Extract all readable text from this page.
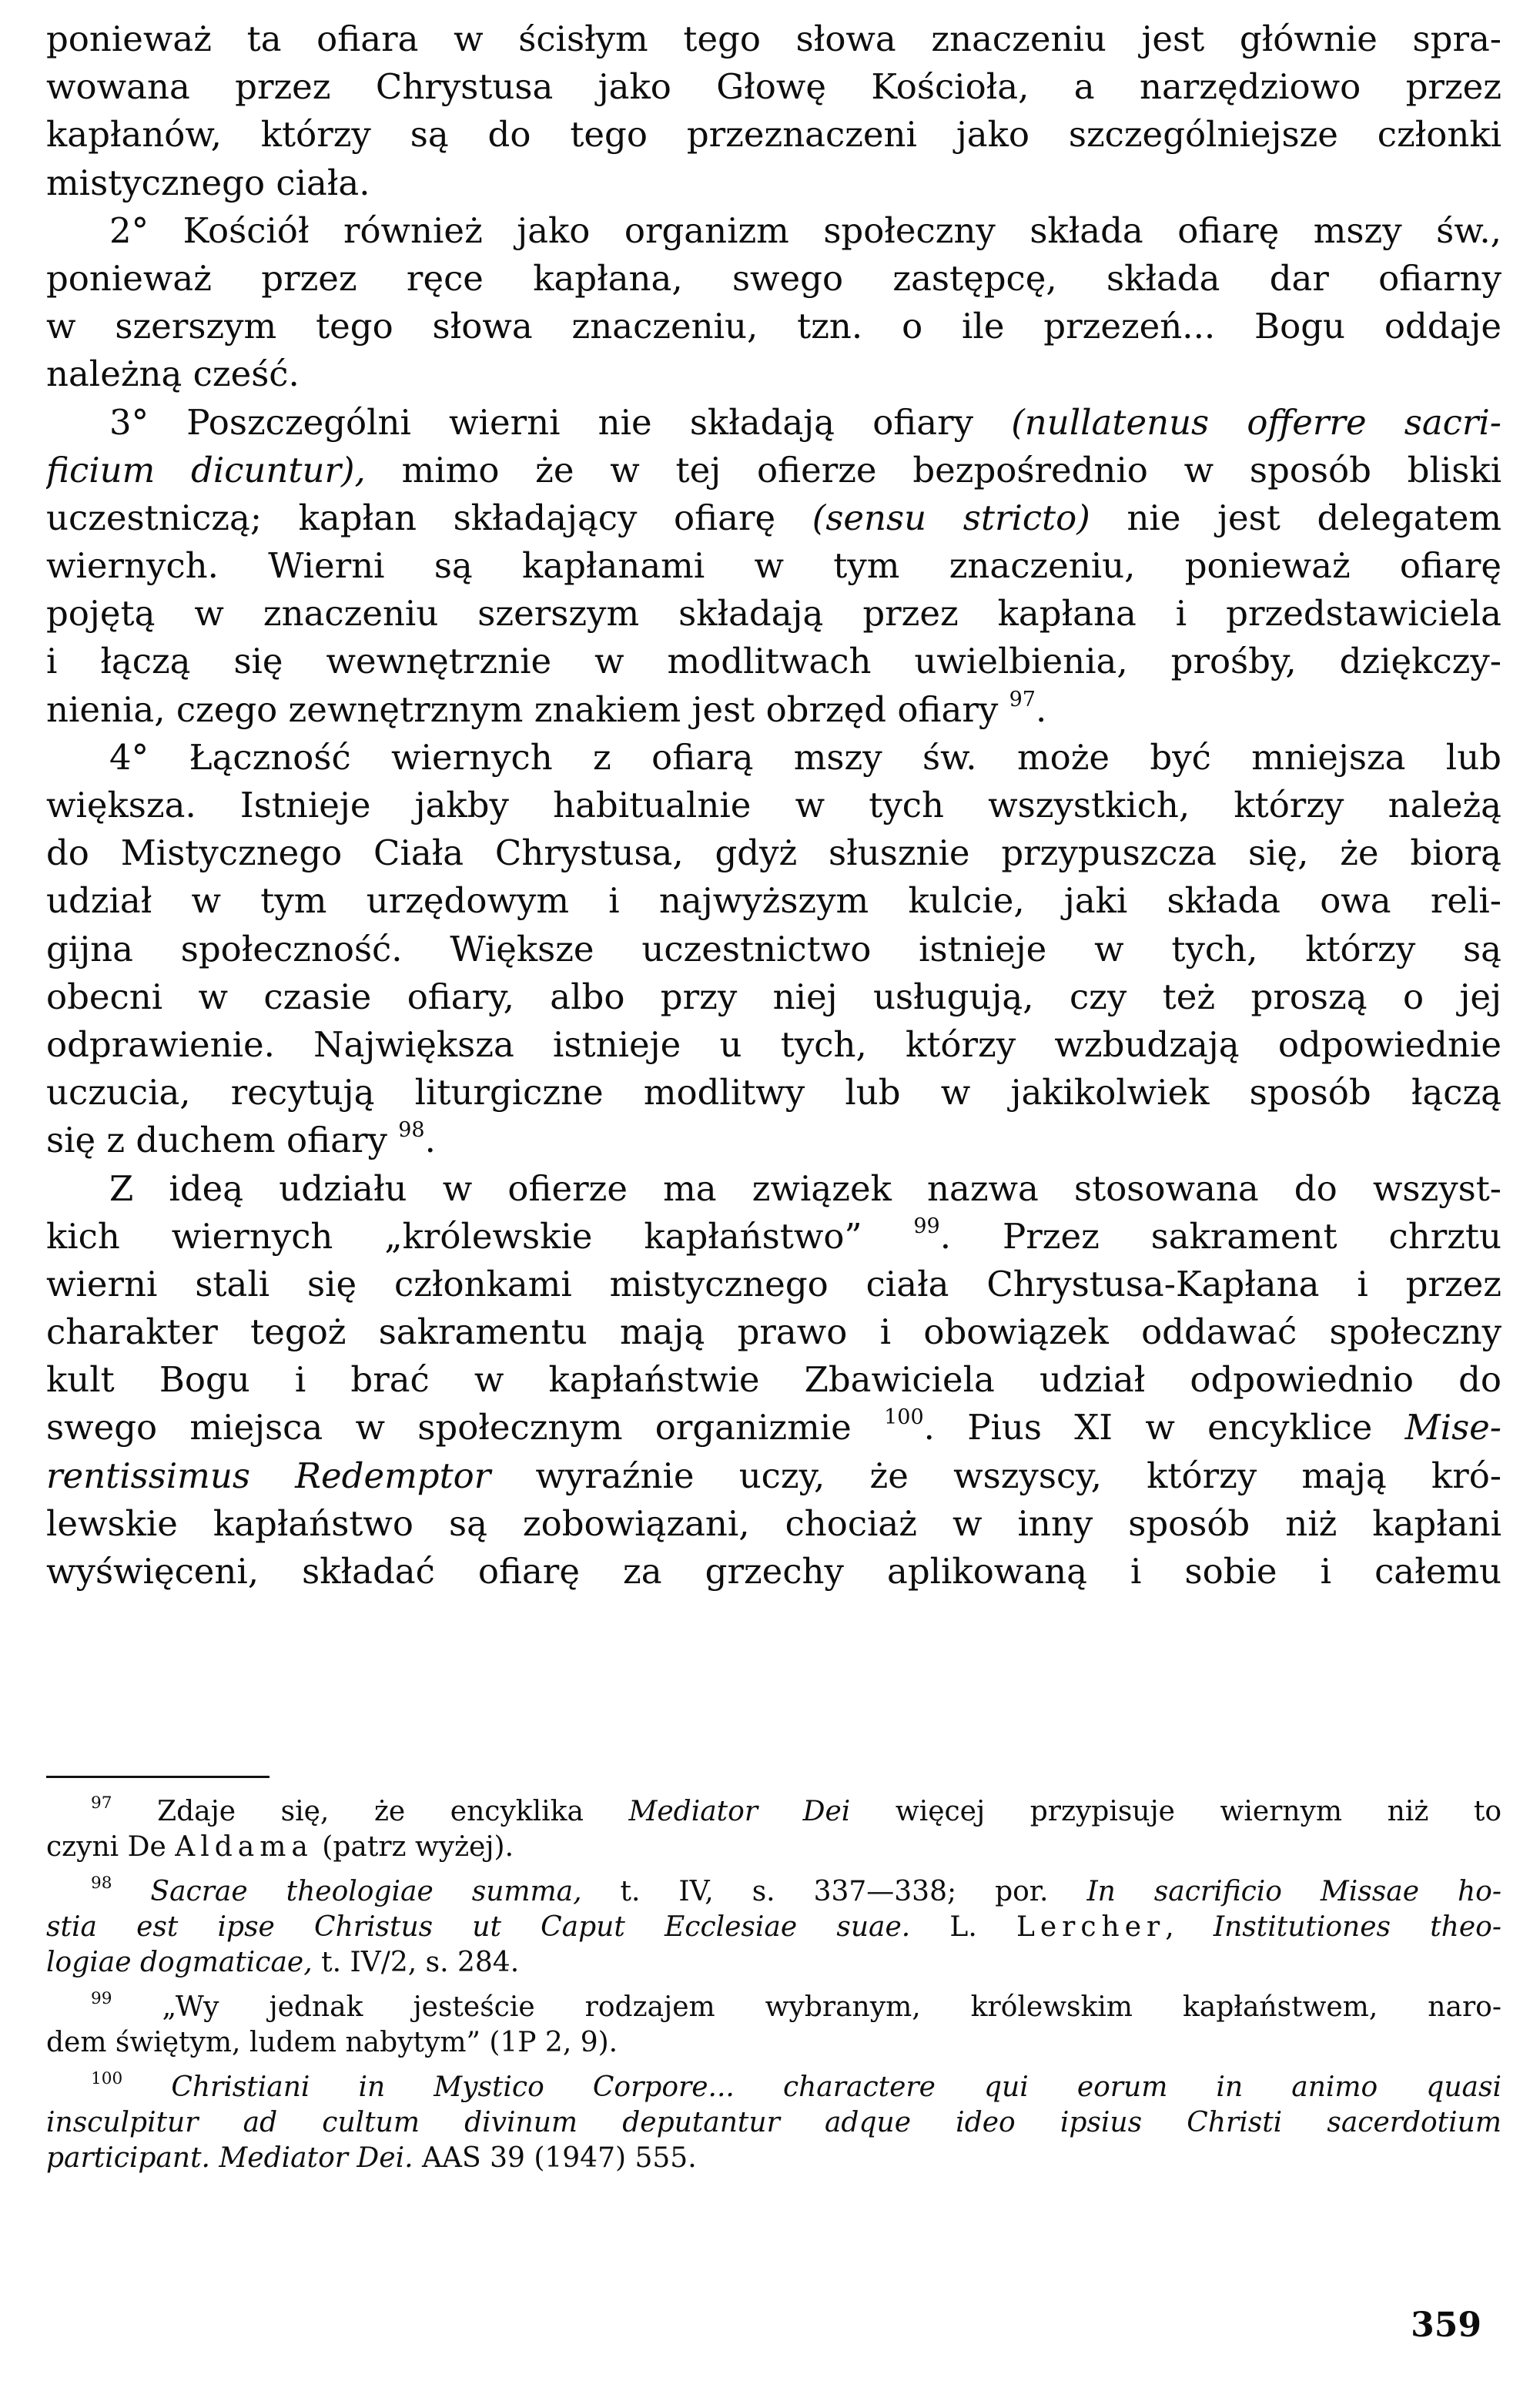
ponieważ ta ofiara w ścisłym tego słowa znaczeniu jest głównie spra-
wowana przez Chrystusa jako Głowę Kościoła, a narzędziowo przez
kapłanów, którzy są do tego przeznaczeni jako szczególniejsze członki
mistycznego ciała.
2° Kościół również jako organizm społeczny składa ofiarę mszy św.,
ponieważ przez ręce kapłana, swego zastępcę, składa dar ofiarny
w szerszym tego słowa znaczeniu, tzn. o ile przezeń... Bogu oddaje
należną cześć.
3° Poszczególni wierni nie składają ofiary (nullatenus offerre sacri-
ficium dicuntur), mimo że w tej ofierze bezpośrednio w sposób bliski
uczestniczą; kapłan składający ofiarę (sensu stricto) nie jest delegatem
wiernych. Wierni są kapłanami w tym znaczeniu, ponieważ ofiarę
pojętą w znaczeniu szerszym składają przez kapłana i przedstawiciela
i łączą się wewnętrznie w modlitwach uwielbienia, prośby, dziękczy-
nienia, czego zewnętrznym znakiem jest obrzęd ofiary $^{97}$.
4° Łączność wiernych z ofiarą mszy św. może być mniejsza lub
większa. Istnieje jakby habitualnie w tych wszystkich, którzy należą
do Mistycznego Ciała Chrystusa, gdyż słusznie przypuszcza się, że biorą
udział w tym urzędowym i najwyższym kulcie, jaki składa owa reli-
gijna społeczność. Większe uczestnictwo istnieje w tych, którzy są
obecni w czasie ofiary, albo przy niej usługują, czy też proszą o jej
odprawienie. Największa istnieje u tych, którzy wzbudzają odpowiednie
uczucia, recytują liturgiczne modlitwy lub w jakikolwiek sposób łączą
się z duchem ofiary $^{98}$.
Z ideą udziału w ofierze ma związek nazwa stosowana do wszyst-
kich wiernych „królewskie kapłaństwo” $^{99}$. Przez sakrament chrztu
wierni stali się członkami mistycznego ciała Chrystusa-Kapłana i przez
charakter tegoż sakramentu mają prawo i obowiązek oddawać społeczny
kult Bogu i brać w kapłaństwie Zbawiciela udział odpowiednio do
swego miejsca w społecznym organizmie $^{100}$. Pius XI w encyklice Mise-
rentissimus Redemptor wyraźnie uczy, że wszyscy, którzy mają kró-
lewskie kapłaństwo są zobowiązani, chociaż w inny sposób niż kapłani
wyświęceni, składać ofiarę za grzechy aplikowaną i sobie i całemu
$^{97}$ Zdaje się, że encyklika Mediator Dei więcej przypisuje wiernym niż to
czyni De Aldama (patrz wyżej).
$^{98}$ Sacrae theologiae summa, t. IV, s. 337—338; por. In sacrificio Missae ho-
stia est ipse Christus ut Caput Ecclesiae suae. L. Lercher, Institutiones theo-
logiae dogmaticae, t. IV/2, s. 284.
$^{99}$ „Wy jednak jesteście rodzajem wybranym, królewskim kapłaństwem, naro-
dem świętym, ludem nabytym” (1P 2, 9).
$^{100}$ Christiani in Mystico Corpore... charactere qui eorum in animo quasi
insculpitur ad cultum divinum deputantur adque ideo ipsius Christi sacerdotium
participant. Mediator Dei. AAS 39 (1947) 555.
359
